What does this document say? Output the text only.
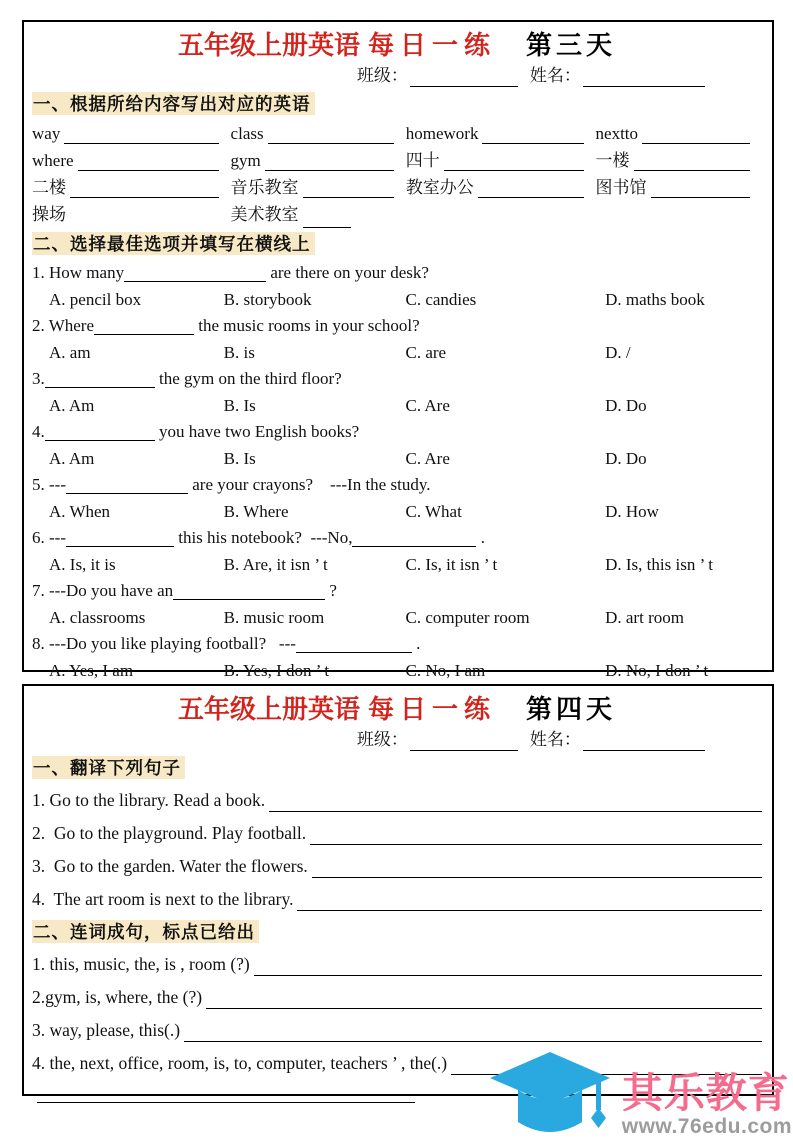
五年级上册英语 每日一练 第三天
班级：	姓名：
一、根据所给内容写出对应的英语
way	class	homework	nextto
where	gym	四十	一楼
二楼	音乐教室	教室办公	图书馆
操场	美术教室
二、选择最佳选项并填写在横线上
1. How many	are there on your desk?
A. pencil box	B. storybook	C. candies	D. maths book
2. Where	the music rooms in your school?
A. am	B. is	C. are	D. /
3.	the gym on the third floor?
A. Am	B. Is	C. Are	D. Do
4.	you have two English books?
A. Am	B. Is	C. Are	D. Do
5. ---	are your crayons?    ---In the study.
A. When	B. Where	C. What	D. How
6. ---	this his notebook?  ---No,	.
A. Is, it is	B. Are, it isn ’ t	C. Is, it isn ’ t	D. Is, this isn ’ t
7. ---Do you have an	?
A. classrooms	B. music room	C. computer room	D. art room
8. ---Do you like playing football?   ---	.
A. Yes, I am	B. Yes, I don ’ t	C. No, I am	D. No, I don ’ t
五年级上册英语 每日一练 第四天
班级：	姓名：
一、翻译下列句子
1. Go to the library. Read a book.
2.  Go to the playground. Play football.
3.  Go to the garden. Water the flowers.
4.  The art room is next to the library.
二、连词成句，标点已给出
1. this, music, the, is , room (?)
2.gym, is, where, the (?)
3. way, please, this(.)
4. the, next, office, room, is, to, computer, teachers ’ , the(.)
其乐教育
www.76edu.com
